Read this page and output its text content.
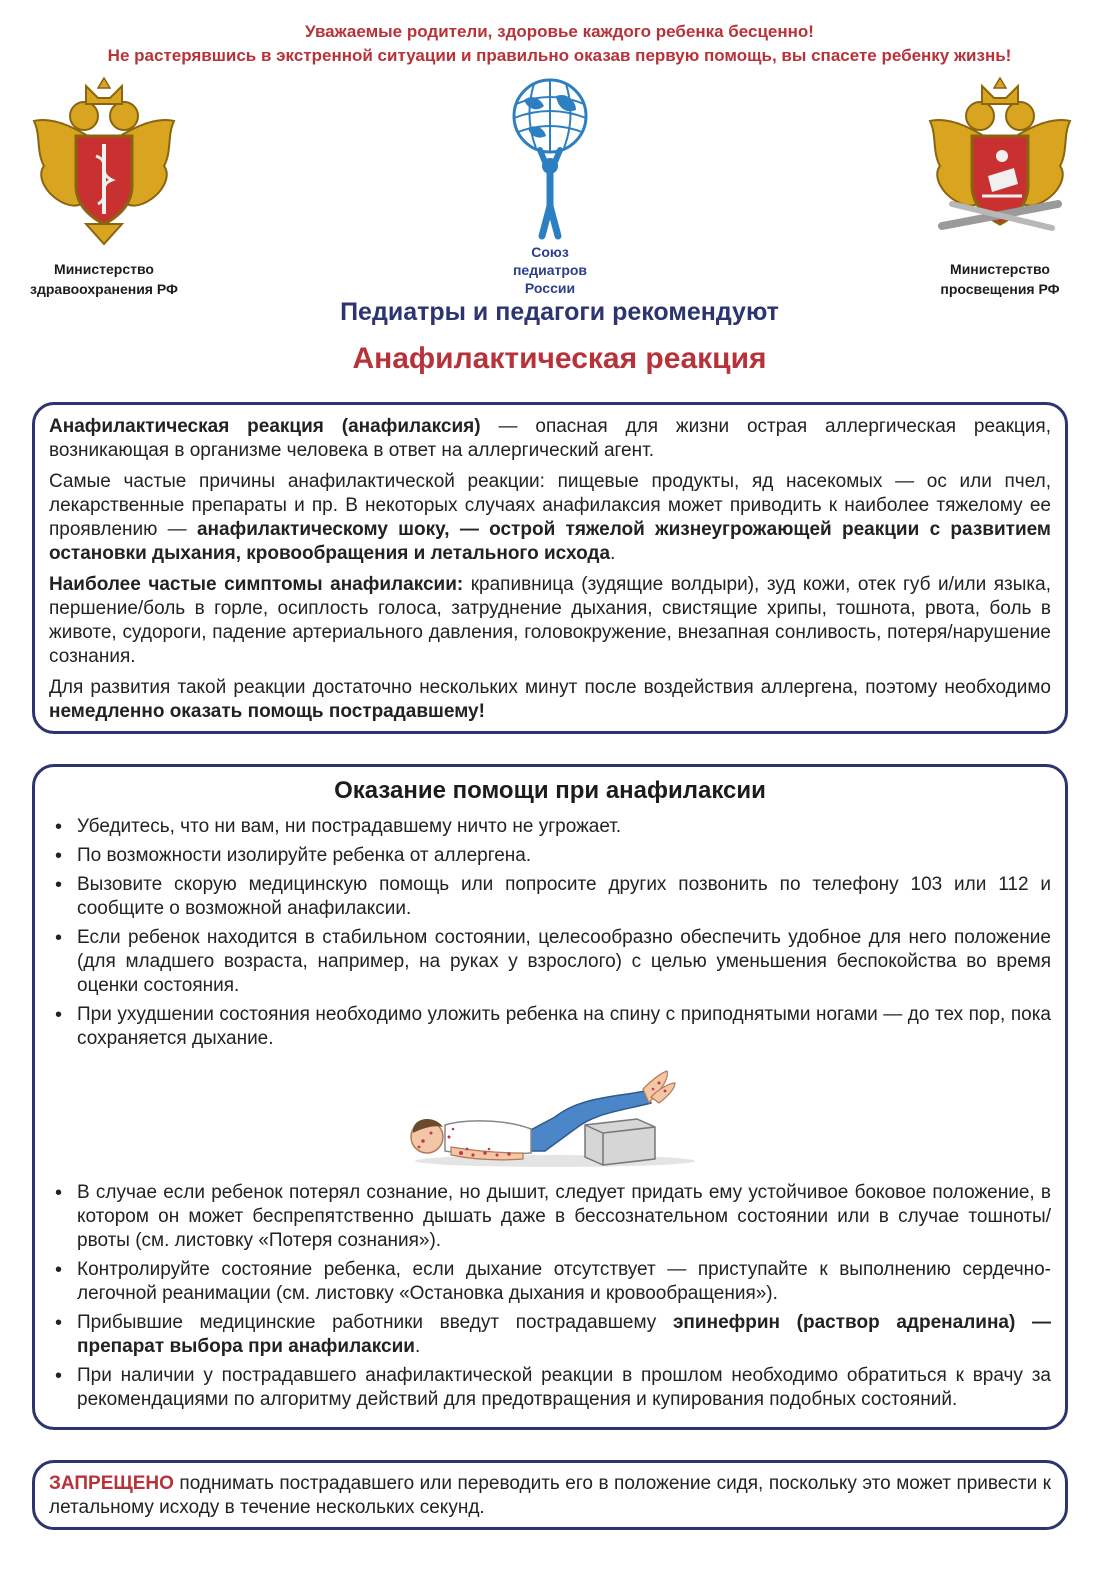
Уважаемые родители, здоровье каждого ребенка бесценно!
Не растерявшись в экстренной ситуации и правильно оказав первую помощь, вы спасете ребенку жизнь!
Министерство
здравоохранения РФ
Союз
педиатров
России
Министерство
просвещения РФ
Педиатры и педагоги рекомендуют
Анафилактическая реакция

Анафилактическая реакция (анафилаксия) — опасная для жизни острая аллергическая реакция, возникающая в организме человека в ответ на аллергический агент.

Самые частые причины анафилактической реакции: пищевые продукты, яд насекомых — ос или пчел, лекарственные препараты и пр. В некоторых случаях анафилаксия может приводить к наиболее тяжелому ее проявлению — анафилактическому шоку, — острой тяжелой жизнеугрожающей реакции с развитием остановки дыхания, кровообращения и летального исхода.

Наиболее частые симптомы анафилаксии: крапивница (зудящие волдыри), зуд кожи, отек губ и/или языка, першение/боль в горле, осиплость голоса, затруднение дыхания, свистящие хрипы, тошнота, рвота, боль в животе, судороги, падение артериального давления, головокружение, внезапная сонливость, потеря/нарушение сознания.

Для развития такой реакции достаточно нескольких минут после воздействия аллергена, поэтому необходимо немедленно оказать помощь пострадавшему!

Оказание помощи при анафилаксии
• Убедитесь, что ни вам, ни пострадавшему ничто не угрожает.
• По возможности изолируйте ребенка от аллергена.
• Вызовите скорую медицинскую помощь или попросите других позвонить по телефону 103 или 112 и сообщите о возможной анафилаксии.
• Если ребенок находится в стабильном состоянии, целесообразно обеспечить удобное для него положение (для младшего возраста, например, на руках у взрослого) с целью уменьшения беспокойства во время оценки состояния.
• При ухудшении состояния необходимо уложить ребенка на спину с приподнятыми ногами — до тех пор, пока сохраняется дыхание.
• В случае если ребенок потерял сознание, но дышит, следует придать ему устойчивое боковое положение, в котором он может беспрепятственно дышать даже в бессознательном состоянии или в случае тошноты/рвоты (см. листовку «Потеря сознания»).
• Контролируйте состояние ребенка, если дыхание отсутствует — приступайте к выполнению сердечно-легочной реанимации (см. листовку «Остановка дыхания и кровообращения»).
• Прибывшие медицинские работники введут пострадавшему эпинефрин (раствор адреналина) — препарат выбора при анафилаксии.
• При наличии у пострадавшего анафилактической реакции в прошлом необходимо обратиться к врачу за рекомендациями по алгоритму действий для предотвращения и купирования подобных состояний.

ЗАПРЕЩЕНО поднимать пострадавшего или переводить его в положение сидя, поскольку это может привести к летальному исходу в течение нескольких секунд.
